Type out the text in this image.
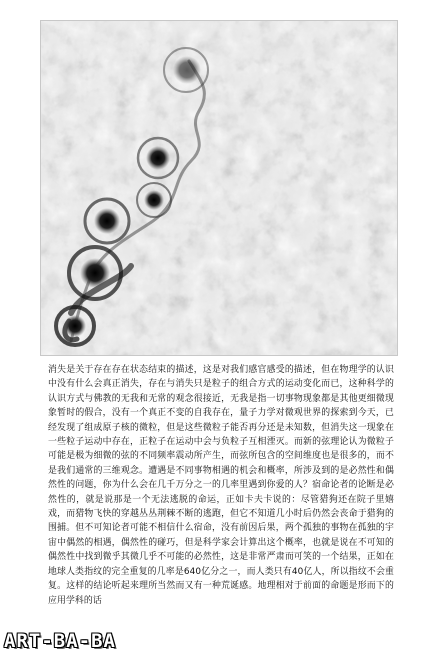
消失是关于存在存在状态结束的描述，这是对我们感官感受的描述，但在物理学的认识中没有什么会真正消失，存在与消失只是粒子的组合方式的运动变化而已，这种科学的认识方式与佛教的无我和无常的观念很接近，无我是指一切事物现象都是其他更细微现象暂时的假合，没有一个真正不变的自我存在，量子力学对微观世界的探索到今天，已经发现了组成原子核的微粒，但是这些微粒子能否再分还是未知数，但消失这一现象在一些粒子运动中存在，正粒子在运动中会与负粒子互相湮灭。而新的弦理论认为微粒子可能是极为细微的弦的不同频率震动所产生，而弦所包含的空间维度也是很多的，而不是我们通常的三维观念。遭遇是不同事物相遇的机会和概率，所涉及到的是必然性和偶然性的问题，你为什么会在几千万分之一的几率里遇到你爱的人？宿命论者的论断是必然性的，就是说那是一个无法逃脱的命运，正如卡夫卡说的：尽管猎狗还在院子里嬉戏，而猎物飞快的穿越丛丛荆棘不断的逃跑，但它不知道几小时后仍然会丧命于猎狗的围捕。但不可知论者可能不相信什么宿命，没有前因后果，两个孤独的事物在孤独的宇宙中偶然的相遇，偶然性的碰巧，但是科学家会计算出这个概率，也就是说在不可知的偶然性中找到微乎其微几乎不可能的必然性，这是非常严肃而可笑的一个结果，正如在地球人类指纹的完全重复的几率是640亿分之一，而人类只有40亿人，所以指纹不会重复。这样的结论听起来理所当然而又有一种荒诞感。地理相对于前面的命题是形而下的应用学科的话

ART-BA-BA
